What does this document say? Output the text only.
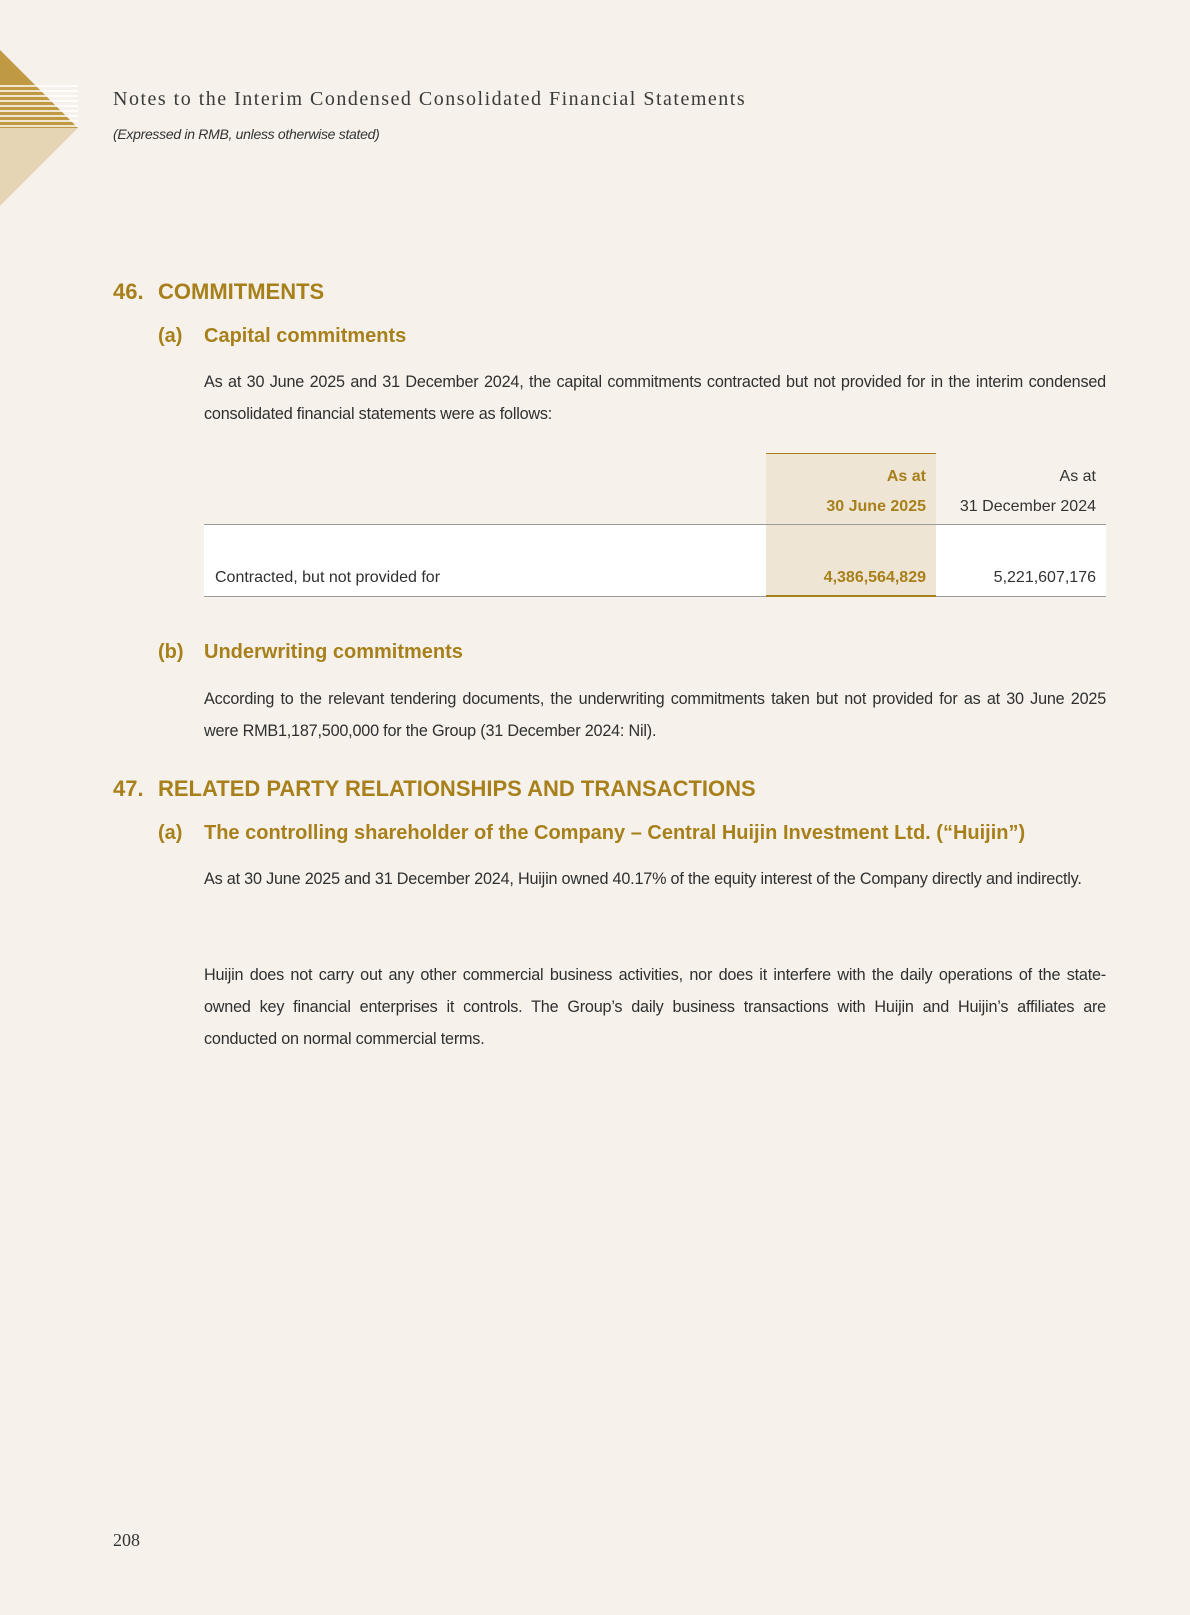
Notes to the Interim Condensed Consolidated Financial Statements

(Expressed in RMB, unless otherwise stated)

46. COMMITMENTS
(a) Capital commitments

As at 30 June 2025 and 31 December 2024, the capital commitments contracted but not provided for in the interim condensed consolidated financial statements were as follows:

As at
30 June 2025
As at
31 December 2024
Contracted, but not provided for	4,386,564,829	5,221,607,176
(b) Underwriting commitments

According to the relevant tendering documents, the underwriting commitments taken but not provided for as at 30 June 2025 were RMB1,187,500,000 for the Group (31 December 2024: Nil).

47. RELATED PARTY RELATIONSHIPS AND TRANSACTIONS
(a) The controlling shareholder of the Company – Central Huijin Investment Ltd. (“Huijin”)

As at 30 June 2025 and 31 December 2024, Huijin owned 40.17% of the equity interest of the Company directly and indirectly.

Huijin does not carry out any other commercial business activities, nor does it interfere with the daily operations of the state-owned key financial enterprises it controls. The Group’s daily business transactions with Huijin and Huijin’s affiliates are conducted on normal commercial terms.

208
